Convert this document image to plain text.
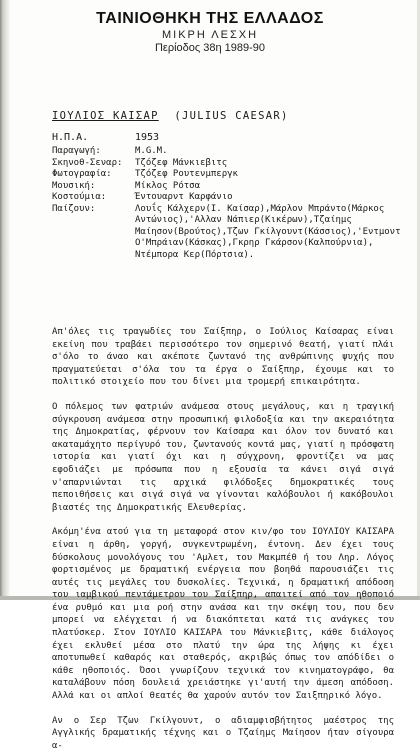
ΤΑΙΝΙΟΘΗΚΗ ΤΗΣ ΕΛΛΑΔΟΣ
ΜΙΚΡΗ ΛΕΣΧΗ
Περίοδος 38η 1989-90
ΙΟΥΛΙΟΣ ΚΑΙΣΑΡ (JULIUS CAESAR)
Η.Π.Α.	1953
Παραγωγή:	M.G.M.
Σκηνοθ-Σεναρ: Τζόζεφ Μάνκιεβιτς
Φωτογραφία:	Τζόζεφ Ρουτενμπεργκ
Μουσική:	Μίκλος Ρότσα
Κοστούμια:	Έντουαρντ Καρφάνιο
Παίζουν:	Λουΐς Κάλχερν(Ι. Καίσαρ),Μάρλον Μπράντο(Μάρκος Αντώνιος),'Αλλαν Νάπιερ(Κικέρων),Τζαίημς Μαίησον(Βρούτος),Τζων Γκίλγουντ(Κάσσιος),'Εντμοντ Ο'Μπράιαν(Κάσκας),Γκρηρ Γκάρσον(Καλπούρνια), Ντέμπορα Κερ(Πόρτσια).

Απ'όλες τις τραγωδίες του Σαίξπηρ, ο Ιούλιος Καίσαρας είναι εκείνη που τραβάει περισσότερο τον σημερινό θεατή, γιατί πλάι σ'όλο το άναο και ακέποτε ζωντανό της ανθρώπινης ψυχής που πραγματεύεται σ'όλα του τα έργα ο Σαίξπηρ, έχουμε και το πολιτικό στοιχείο που του δίνει μια τρομερή επικαιρότητα.

Ο πόλεμος των φατριών ανάμεσα στους μεγάλους, και η τραγική σύγκρουση ανάμεσα στην προσωπική φιλοδοξία και την ακεραιότητα της Δημοκρατίας, φέρνουν τον Καίσαρα και όλον τον δυνατό και ακαταμάχητο περίγυρό του, ζωντανούς κοντά μας, γιατί η πρόσφατη ιστορία και γιατί όχι και η σύγχρονη, φροντίζει να μας εφοδιάζει με πρόσωπα που η εξουσία τα κάνει σιγά σιγά ν'απαρνιώνται τις αρχικά φιλόδοξες δημοκρατικές τους πεποιθήσεις και σιγά σιγά να γίνονται καλόβουλοι ή κακόβουλοι βιαστές της Δημοκρατικής Ελευθερίας.

Ακόμη'ένα ατού για τη μεταφορά στον κιν/φο του ΙΟΥΛΙΟΥ ΚΑΙΣΑΡΑ είναι η άρθη, γοργή, συγκεντρωμένη, έντονη. Δεν έχει τους δύσκολους μονολόγους του 'Αμλετ, του Μακμπέθ ή του Ληρ. Λόγος φορτισμένος με δραματική ενέργεια που βοηθά παρουσιάζει τις αυτές τις μεγάλες του δυσκολίες. Τεχνικά, η δραματική απόδοση του ιαμβικού πεντάμετρου του Σαίξπηρ, απαιτεί από τον ηθοποιό ένα ρυθμό και μια ροή στην ανάσα και την σκέψη του, που δεν μπορεί να ελέγχεται ή να διακόπτεται κατά τις ανάγκες του πλατύσκερ. Στον ΙΟΥΛΙΟ ΚΑΙΣΑΡΑ του Μάνκιεβιτς, κάθε διάλογος έχει εκλυθεί μέσα στο πλατύ την ώρα της λήψης κι έχει αποτυπωθεί καθαρός και σταθερός, ακριβώς όπως τον απόδίδει ο κάθε ηθοποιός. Όσοι γνωρίζουν τεχνικά τον κινηματογράφο, θα καταλάβουν πόση δουλειά χρειάστηκε γι'αυτή την άμεση απόδοση. Αλλά και οι απλοί θεατές θα χαρούν αυτόν τον Σαιξπηρικό λόγο.

Αν ο Σερ Τζων Γκίλγουντ, ο αδιαμφισβήτητος μαέστρος της Αγγλικής δραματικής τέχνης και ο Τζαίημς Μαίησον ήταν σίγουρα α-
